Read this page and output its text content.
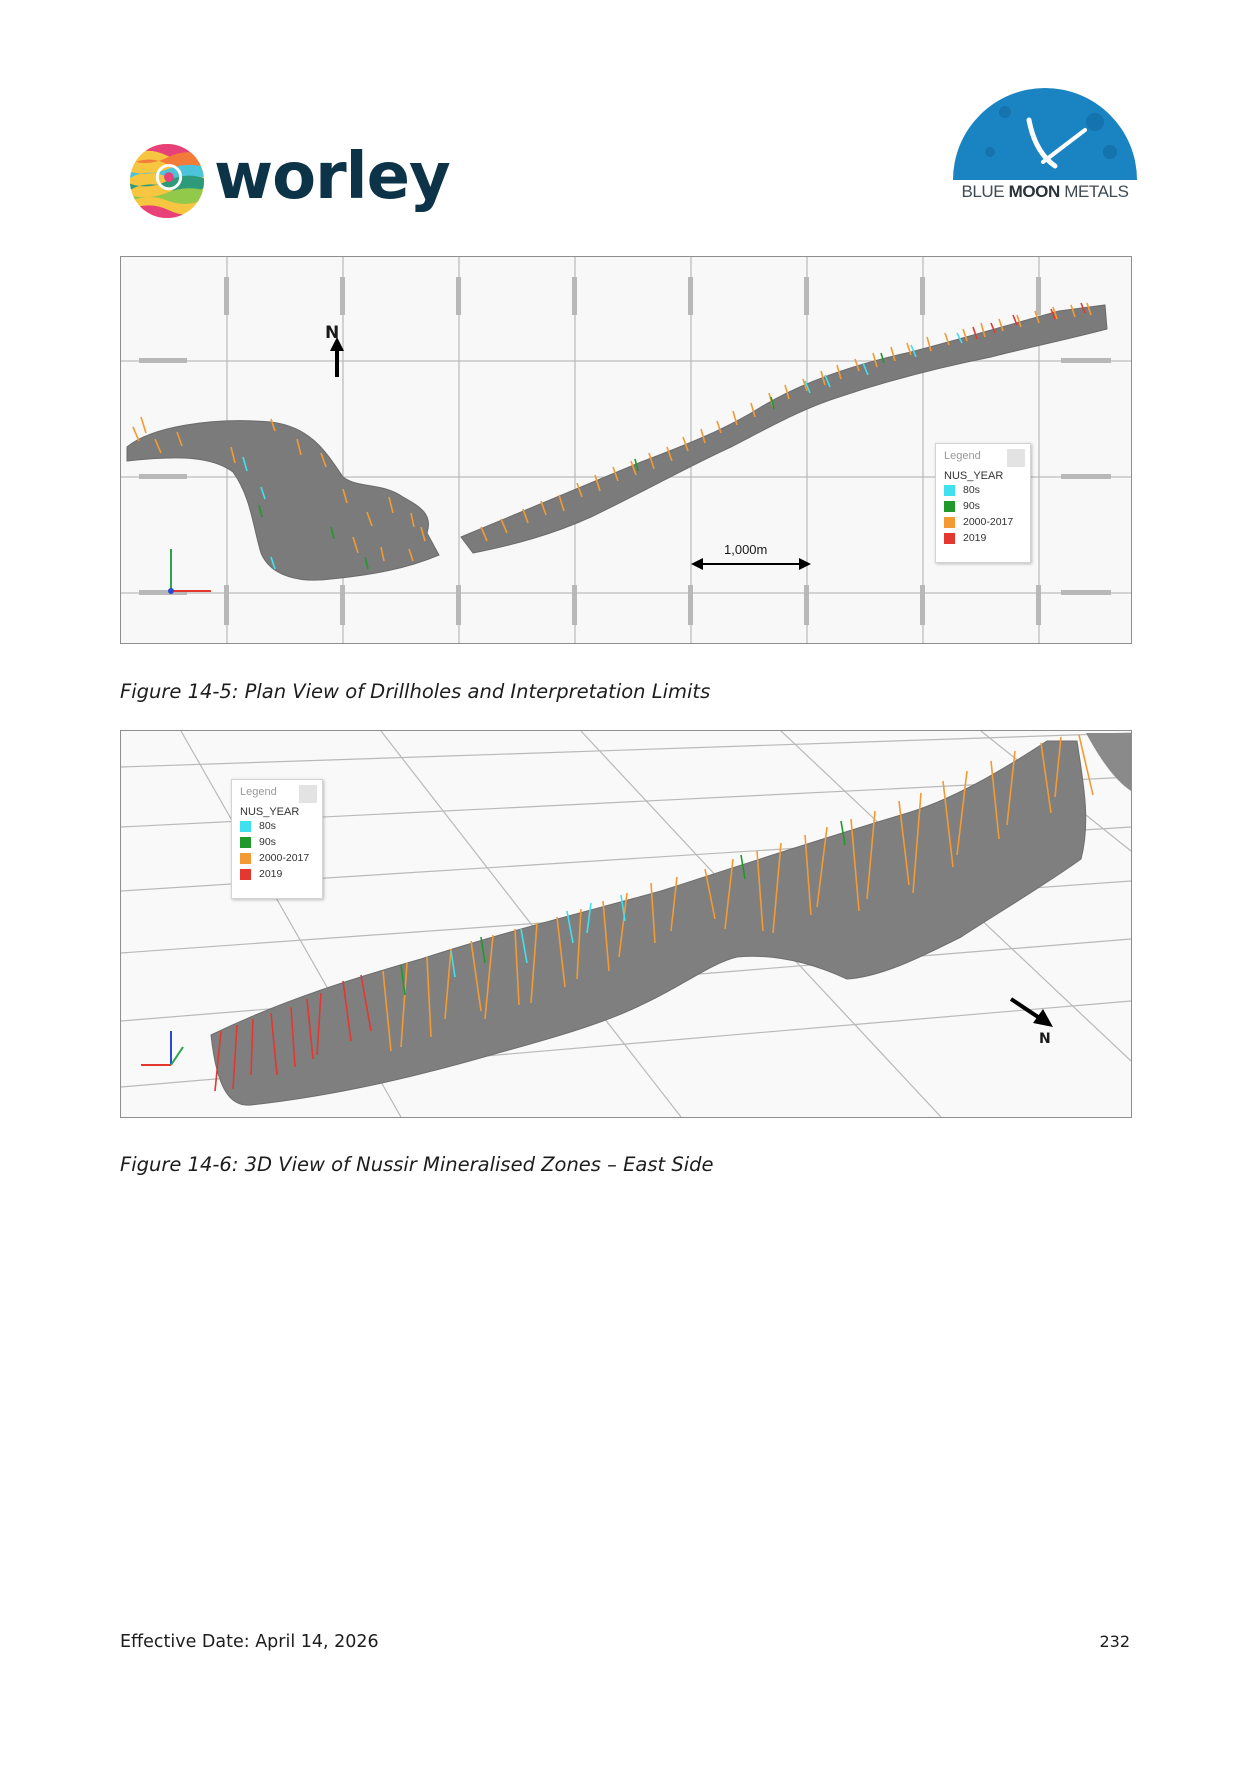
worley	BLUE MOON METALS
N
1,000m
Legend
NUS_YEAR
80s
90s
2000-2017
2019
Figure 14-5: Plan View of Drillholes and Interpretation Limits
N
Legend
NUS_YEAR
80s
90s
2000-2017
2019
Figure 14-6: 3D View of Nussir Mineralised Zones – East Side
Effective Date: April 14, 2026	232
